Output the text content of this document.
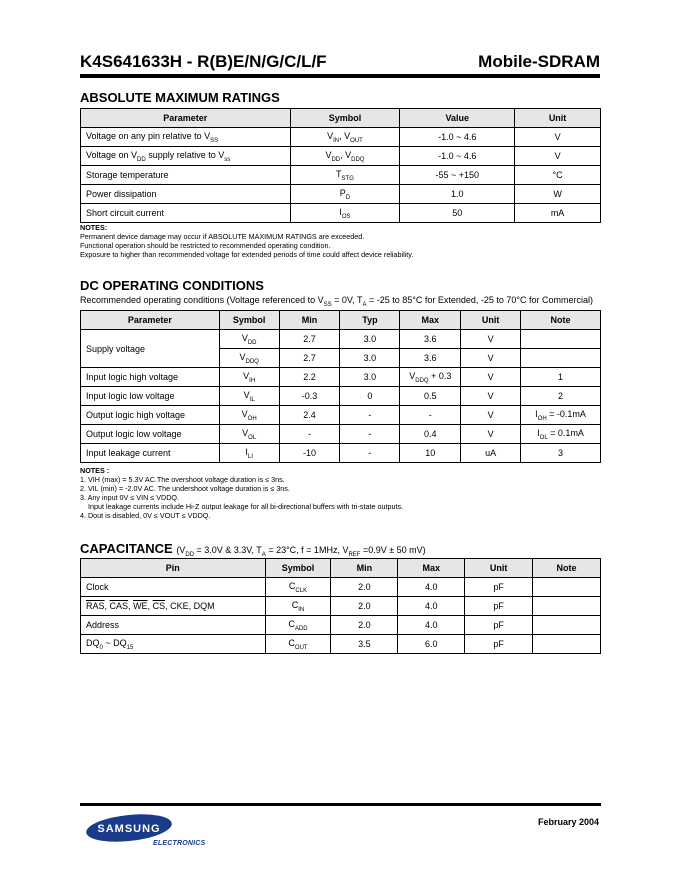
K4S641633H - R(B)E/N/G/C/L/F	Mobile-SDRAM
ABSOLUTE MAXIMUM RATINGS
Parameter	Symbol	Value	Unit
Voltage on any pin relative to $V_{SS}$	$V_{IN}$, $V_{OUT}$	-1.0 ~ 4.6	V
Voltage on $V_{DD}$ supply relative to $V_{ss}$	$V_{DD}$, $V_{DDQ}$	-1.0 ~ 4.6	V
Storage temperature	$T_{STG}$	-55 ~ +150	°C
Power dissipation	$P_D$	1.0	W
Short circuit current	$I_{OS}$	50	mA
NOTES:
Permanent device damage may occur if ABSOLUTE MAXIMUM RATINGS are exceeded.
Functional operation should be restricted to recommended operating condition.
Exposure to higher than recommended voltage for extended periods of time could affect device reliability.
DC OPERATING CONDITIONS
Recommended operating conditions (Voltage referenced to $V_{SS} = 0V$, $T_A = -25$ to 85°C for Extended, -25 to 70°C for Commercial)
Parameter	Symbol	Min	Typ	Max	Unit	Note
Supply voltage	$V_{DD}$	2.7	3.0	3.6	V	
	$V_{DDQ}$	2.7	3.0	3.6	V	
Input logic high voltage	$V_{IH}$	2.2	3.0	$V_{DDQ} + 0.3$	V	1
Input logic low voltage	$V_{IL}$	-0.3	0	0.5	V	2
Output logic high voltage	$V_{OH}$	2.4	-	-	V	$I_{OH} = -0.1mA$
Output logic low voltage	$V_{OL}$	-	-	0.4	V	$I_{OL} = 0.1mA$
Input leakage current	$I_{LI}$	-10	-	10	uA	3
NOTES :
1. VIH (max) = 5.3V AC.The overshoot voltage duration is ≤ 3ns.
2. VIL (min) = -2.0V AC. The undershoot voltage duration is ≤ 3ns.
3. Any input 0V ≤ VIN ≤ VDDQ.
Input leakage currents include Hi-Z output leakage for all bi-directional buffers with tri-state outputs.
4. Dout is disabled, 0V ≤ VOUT ≤ VDDQ.
CAPACITANCE ($V_{DD} = 3.0V$ & 3.3V, $T_A = 23^\circ C$, f = 1MHz, $V_{REF} =0.9V \pm 50$ mV)
Pin	Symbol	Min	Max	Unit	Note
Clock	$C_{CLK}$	2.0	4.0	pF	
$\overline{RAS}$, $\overline{CAS}$, $\overline{WE}$, $\overline{CS}$, CKE, DQM	$C_{IN}$	2.0	4.0	pF	
Address	$C_{ADD}$	2.0	4.0	pF	
$DQ_0$ ~ $DQ_{15}$	$C_{OUT}$	3.5	6.0	pF	
SAMSUNG
ELECTRONICS
February 2004
